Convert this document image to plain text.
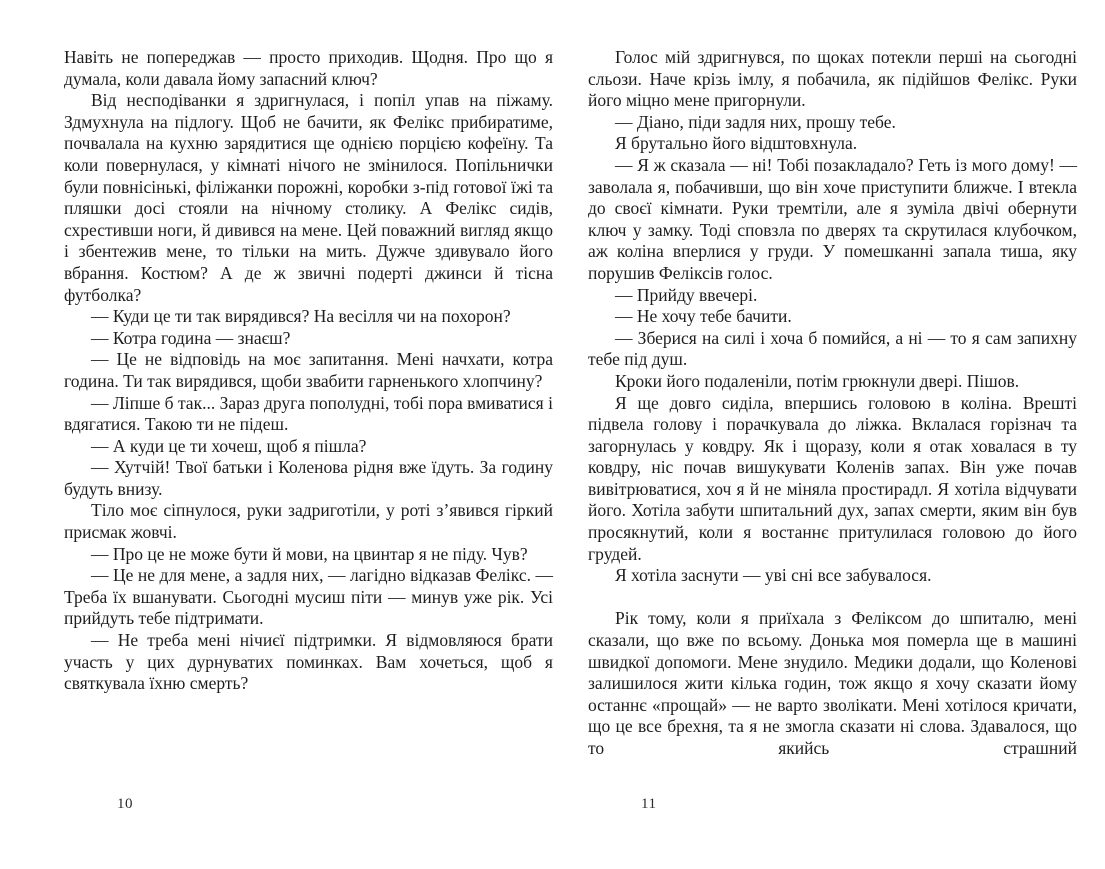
Навіть не попереджав — просто приходив. Щодня. Про що я думала, коли давала йому запасний ключ?

Від несподіванки я здригнулася, і попіл упав на піжаму. Здмухнула на підлогу. Щоб не бачити, як Фелікс прибиратиме, почвалала на кухню зарядитися ще однією порцією кофеїну. Та коли повернулася, у кімнаті нічого не змінилося. Попільнички були повнісінькі, філіжанки порожні, коробки з-під готової їжі та пляшки досі стояли на нічному столику. А Фелікс сидів, схрестивши ноги, й дивився на мене. Цей поважний вигляд якщо і збентежив мене, то тільки на мить. Дужче здивувало його вбрання. Костюм? А де ж звичні подерті джинси й тісна футболка?

— Куди це ти так вирядився? На весілля чи на похорон?

— Котра година — знаєш?

— Це не відповідь на моє запитання. Мені начхати, котра година. Ти так вирядився, щоби звабити гарненького хлопчину?

— Ліпше б так... Зараз друга пополудні, тобі пора вмиватися і вдягатися. Такою ти не підеш.

— А куди це ти хочеш, щоб я пішла?

— Хутчій! Твої батьки і Коленова рідня вже їдуть. За годину будуть внизу.

Тіло моє сіпнулося, руки задриготіли, у роті з’явився гіркий присмак жовчі.

— Про це не може бути й мови, на цвинтар я не піду. Чув?

— Це не для мене, а задля них, — лагідно відказав Фелікс. — Треба їх вшанувати. Сьогодні мусиш піти — минув уже рік. Усі прийдуть тебе підтримати.

— Не треба мені нічиєї підтримки. Я відмовляюся брати участь у цих дурнуватих поминках. Вам хочеться, щоб я святкувала їхню смерть?

10

Голос мій здригнувся, по щоках потекли перші на сьогодні сльози. Наче крізь імлу, я побачила, як підійшов Фелікс. Руки його міцно мене пригорнули.

— Діано, піди задля них, прошу тебе.

Я брутально його відштовхнула.

— Я ж сказала — ні! Тобі позакладало? Геть із мого дому! — заволала я, побачивши, що він хоче приступити ближче. І втекла до своєї кімнати. Руки тремтіли, але я зуміла двічі обернути ключ у замку. Тоді сповзла по дверях та скрутилася клубочком, аж коліна вперлися у груди. У помешканні запала тиша, яку порушив Феліксів голос.

— Прийду ввечері.

— Не хочу тебе бачити.

— Зберися на силі і хоча б помийся, а ні — то я сам запихну тебе під душ.

Кроки його подаленіли, потім грюкнули двері. Пішов.

Я ще довго сиділа, впершись головою в коліна. Врешті підвела голову і порачкувала до ліжка. Вклалася горізнач та загорнулась у ковдру. Як і щоразу, коли я отак ховалася в ту ковдру, ніс почав вишукувати Коленів запах. Він уже почав вивітрюватися, хоч я й не міняла простирадл. Я хотіла відчувати його. Хотіла забути шпитальний дух, запах смерти, яким він був просякнутий, коли я востаннє притулилася головою до його грудей.

Я хотіла заснути — уві сні все забувалося.

Рік тому, коли я приїхала з Феліксом до шпиталю, мені сказали, що вже по всьому. Донька моя померла ще в машині швидкої допомоги. Мене знудило. Медики додали, що Коленові залишилося жити кілька годин, тож якщо я хочу сказати йому останнє «прощай» — не варто зволікати. Мені хотілося кричати, що це все брехня, та я не змогла сказати ні слова. Здавалося, що то якийсь страшний

11
